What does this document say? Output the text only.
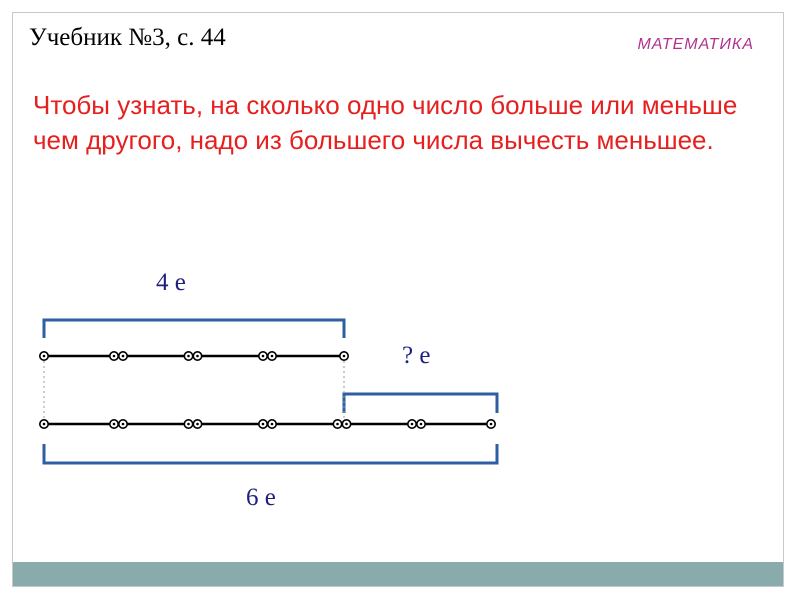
Учебник №3, с. 44	МАТЕМАТИКА
Чтобы узнать, на сколько одно число больше или меньше чем другого, надо из большего числа вычесть меньшее.
4 е
? е
6 е
